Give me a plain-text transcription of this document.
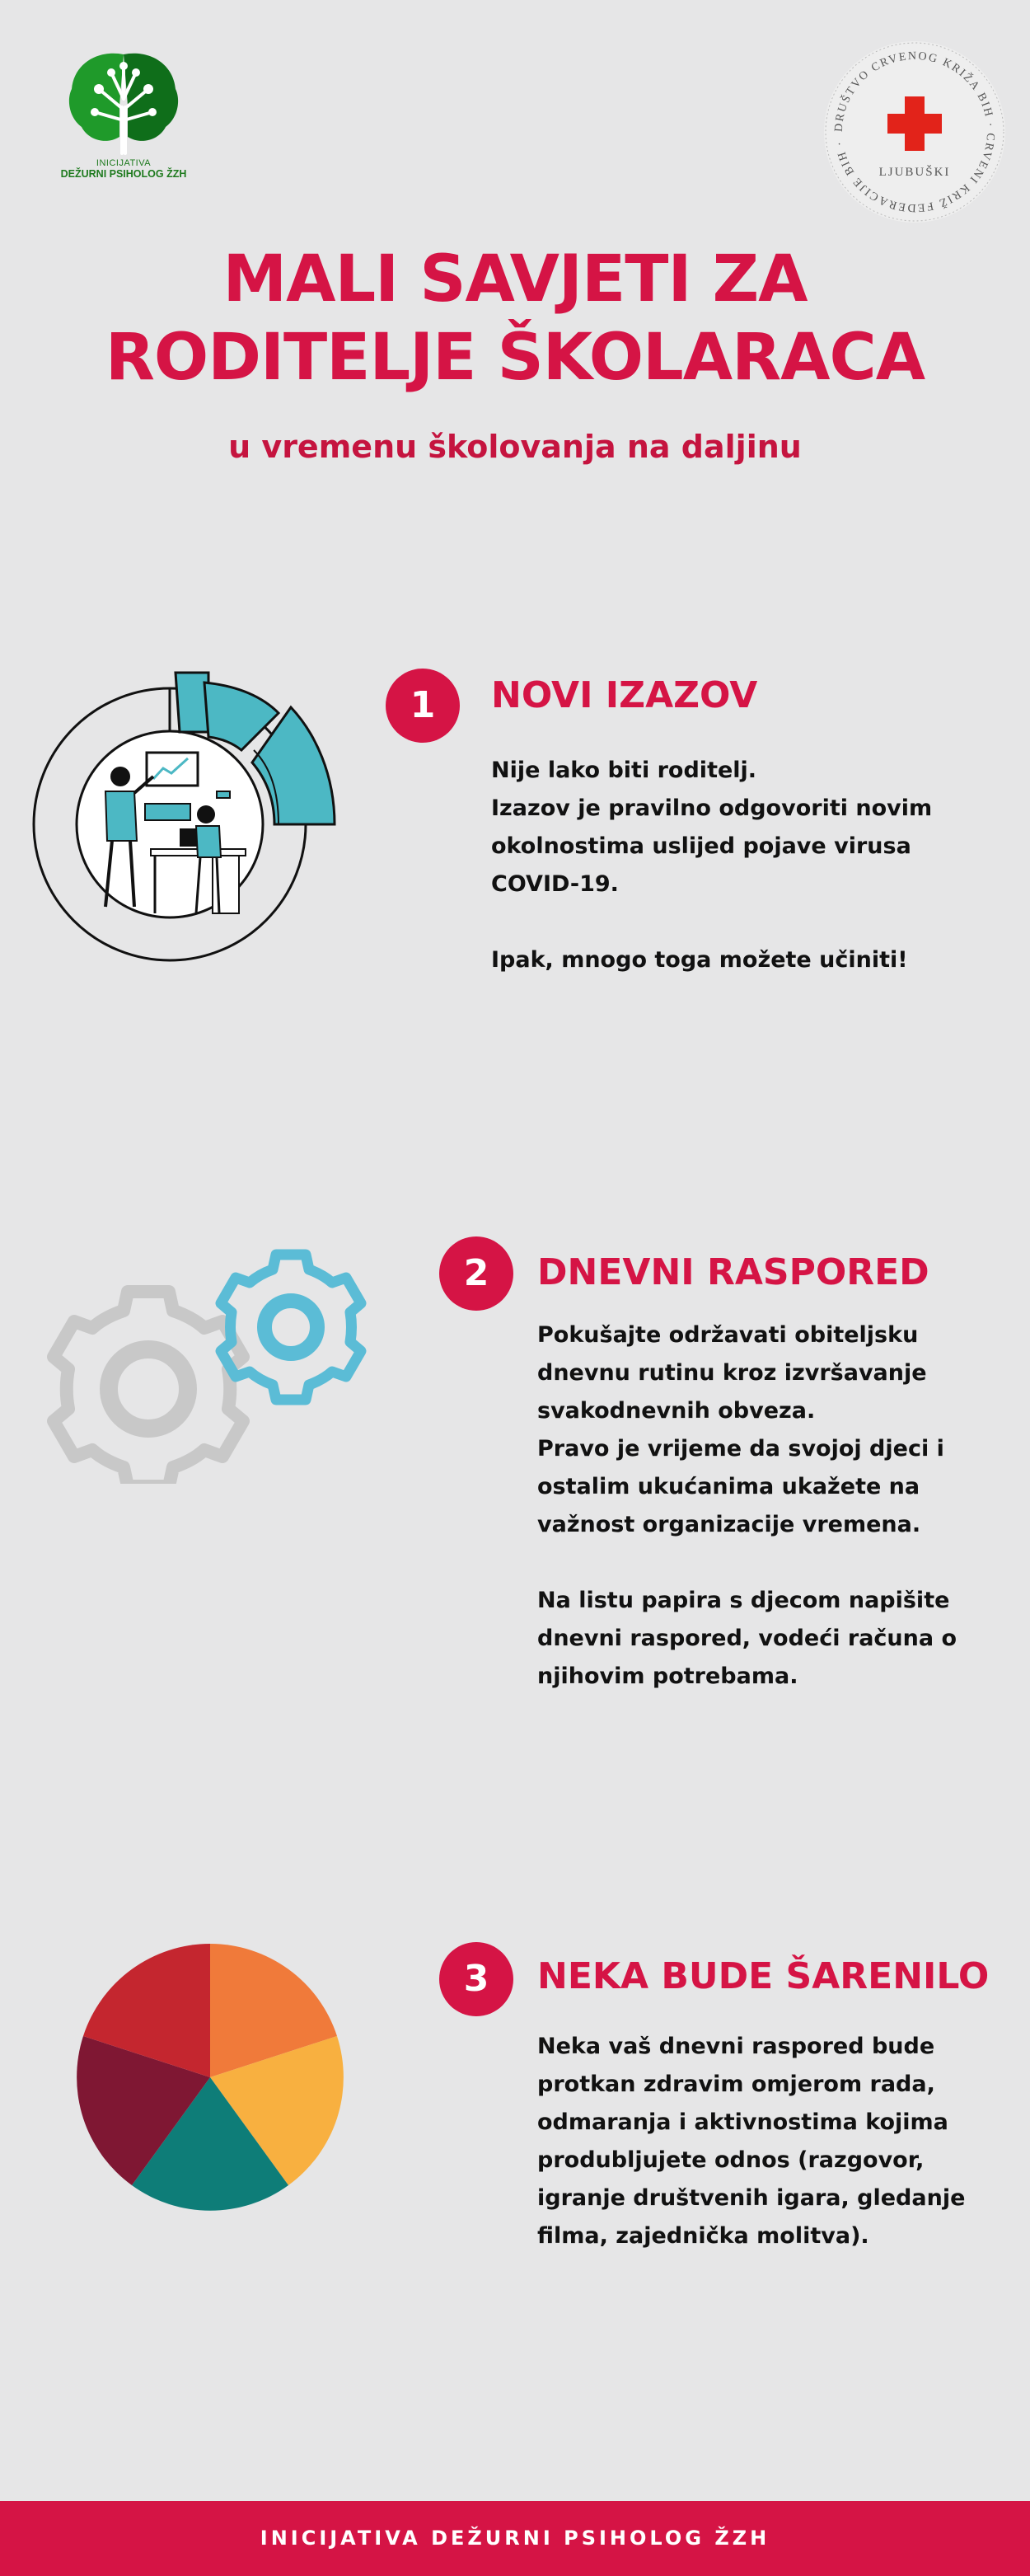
INICIJATIVA
DEŽURNI PSIHOLOG ŽZH
DRUŠTVO CRVENOG KRIŽA BIH · CRVENI KRIŽ FEDERACIJE BIH ·
LJUBUŠKI
MALI SAVJETI ZA
RODITELJE ŠKOLARACA
u vremenu školovanja na daljinu
1	NOVI IZAZOV

Nije lako biti roditelj.

Izazov je pravilno odgovoriti novim

okolnostima uslijed pojave virusa

COVID-19.

Ipak, mnogo toga možete učiniti!

2	DNEVNI RASPORED

Pokušajte održavati obiteljsku

dnevnu rutinu kroz izvršavanje

svakodnevnih obveza.

Pravo je vrijeme da svojoj djeci i

ostalim ukućanima ukažete na

važnost organizacije vremena.

Na listu papira s djecom napišite

dnevni raspored, vodeći računa o

njihovim potrebama.

3	NEKA BUDE ŠARENILO

Neka vaš dnevni raspored bude

protkan zdravim omjerom rada,

odmaranja i aktivnostima kojima

produbljujete odnos (razgovor,

igranje društvenih igara, gledanje

filma, zajednička molitva).

INICIJATIVA DEŽURNI PSIHOLOG ŽZH
